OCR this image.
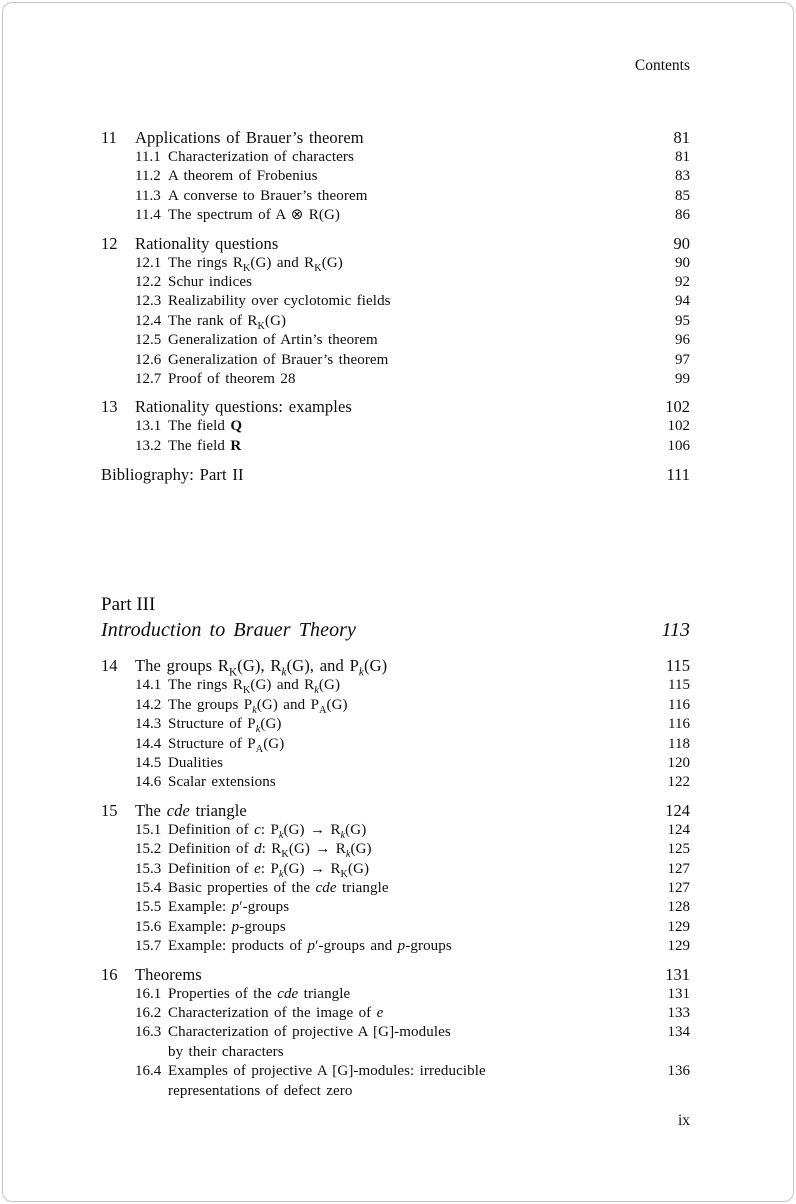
Contents
11	Applications of Brauer’s theorem	81
11.1 Characterization of characters	81
11.2 A theorem of Frobenius	83
11.3 A converse to Brauer’s theorem	85
11.4 The spectrum of A ⊗ R(G)	86
12	Rationality questions	90
12.1 The rings $R_K(G)$ and $R_K(G)$	90
12.2 Schur indices	92
12.3 Realizability over cyclotomic fields	94
12.4 The rank of $R_K(G)$	95
12.5 Generalization of Artin’s theorem	96
12.6 Generalization of Brauer’s theorem	97
12.7 Proof of theorem 28	99
13	Rationality questions: examples	102
13.1 The field Q	102
13.2 The field R	106
Bibliography: Part II	111
Part III
Introduction to Brauer Theory	113
14	The groups $R_K(G)$, $R_k(G)$, and $P_k(G)$	115
14.1 The rings $R_K(G)$ and $R_k(G)$	115
14.2 The groups $P_k(G)$ and $P_A(G)$	116
14.3 Structure of $P_k(G)$	116
14.4 Structure of $P_A(G)$	118
14.5 Dualities	120
14.6 Scalar extensions	122
15	The cde triangle	124
15.1 Definition of c: $P_k(G) \to R_k(G)$	124
15.2 Definition of d: $R_K(G) \to R_k(G)$	125
15.3 Definition of e: $P_k(G) \to R_K(G)$	127
15.4 Basic properties of the cde triangle	127
15.5 Example: p′-groups	128
15.6 Example: p-groups	129
15.7 Example: products of p′-groups and p-groups	129
16	Theorems	131
16.1 Properties of the cde triangle	131
16.2 Characterization of the image of e	133
16.3 Characterization of projective A [G]-modules	134
by their characters
16.4 Examples of projective A [G]-modules: irreducible	136
representations of defect zero
ix
